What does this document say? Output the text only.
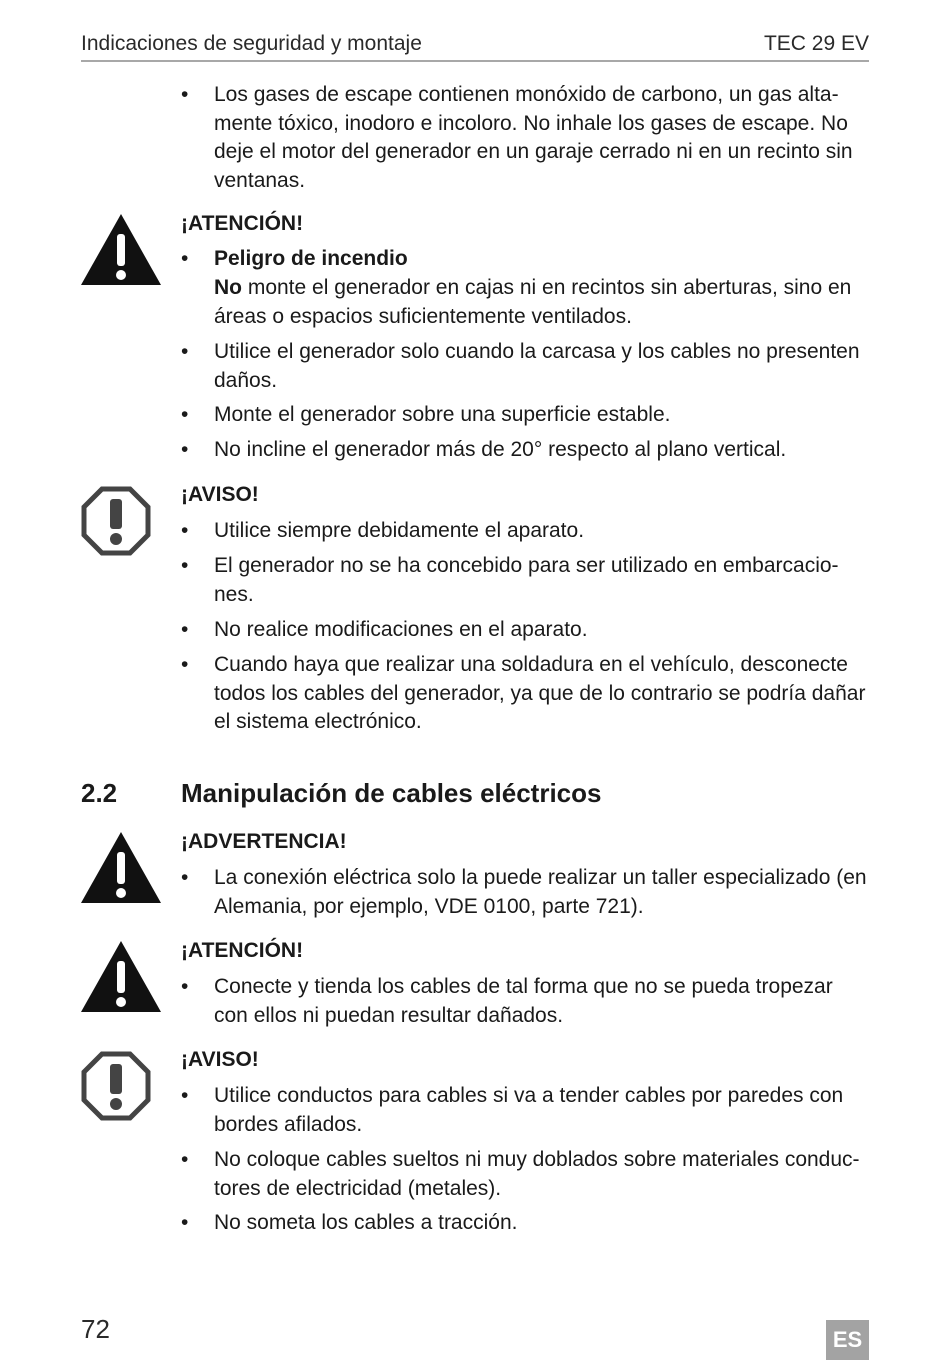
Indicaciones de seguridad y montaje	TEC 29 EV
• Los gases de escape contienen monóxido de carbono, un gas alta-mente tóxico, inodoro e incoloro. No inhale los gases de escape. No deje el motor del generador en un garaje cerrado ni en un recinto sin ventanas.
¡ATENCIÓN!
• Peligro de incendio
No monte el generador en cajas ni en recintos sin aberturas, sino en áreas o espacios suficientemente ventilados.
• Utilice el generador solo cuando la carcasa y los cables no presenten daños.
• Monte el generador sobre una superficie estable.
• No incline el generador más de 20° respecto al plano vertical.
¡AVISO!
• Utilice siempre debidamente el aparato.
• El generador no se ha concebido para ser utilizado en embarcacio-nes.
• No realice modificaciones en el aparato.
• Cuando haya que realizar una soldadura en el vehículo, desconecte todos los cables del generador, ya que de lo contrario se podría dañar el sistema electrónico.
2.2 Manipulación de cables eléctricos
¡ADVERTENCIA!
• La conexión eléctrica solo la puede realizar un taller especializado (en Alemania, por ejemplo, VDE 0100, parte 721).
¡ATENCIÓN!
• Conecte y tienda los cables de tal forma que no se pueda tropezar con ellos ni puedan resultar dañados.
¡AVISO!
• Utilice conductos para cables si va a tender cables por paredes con bordes afilados.
• No coloque cables sueltos ni muy doblados sobre materiales conduc-tores de electricidad (metales).
• No someta los cables a tracción.
72	ES
